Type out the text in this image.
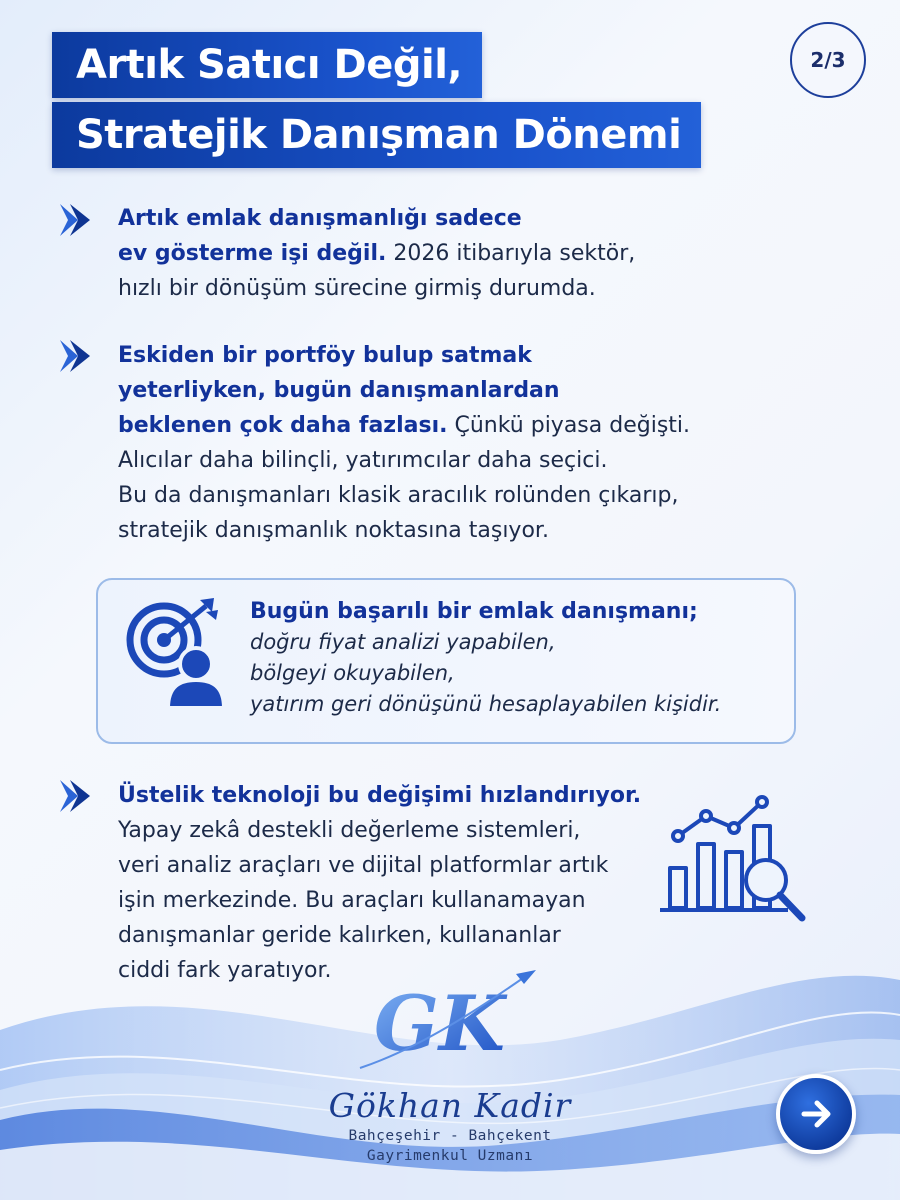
Artık Satıcı Değil,
Stratejik Danışman Dönemi
2/3
Artık emlak danışmanlığı sadece
ev gösterme işi değil. 2026 itibarıyla sektör,
hızlı bir dönüşüm sürecine girmiş durumda.
Eskiden bir portföy bulup satmak
yeterliyken, bugün danışmanlardan
beklenen çok daha fazlası. Çünkü piyasa değişti.
Alıcılar daha bilinçli, yatırımcılar daha seçici.
Bu da danışmanları klasik aracılık rolünden çıkarıp,
stratejik danışmanlık noktasına taşıyor.
Bugün başarılı bir emlak danışmanı;
doğru fiyat analizi yapabilen,
bölgeyi okuyabilen,
yatırım geri dönüşünü hesaplayabilen kişidir.
Üstelik teknoloji bu değişimi hızlandırıyor.
Yapay zekâ destekli değerleme sistemleri,
veri analiz araçları ve dijital platformlar artık
işin merkezinde. Bu araçları kullanamayan
danışmanlar geride kalırken, kullananlar
ciddi fark yaratıyor.
GK
Gökhan Kadir
Bahçeşehir - Bahçekent
Gayrimenkul Uzmanı
